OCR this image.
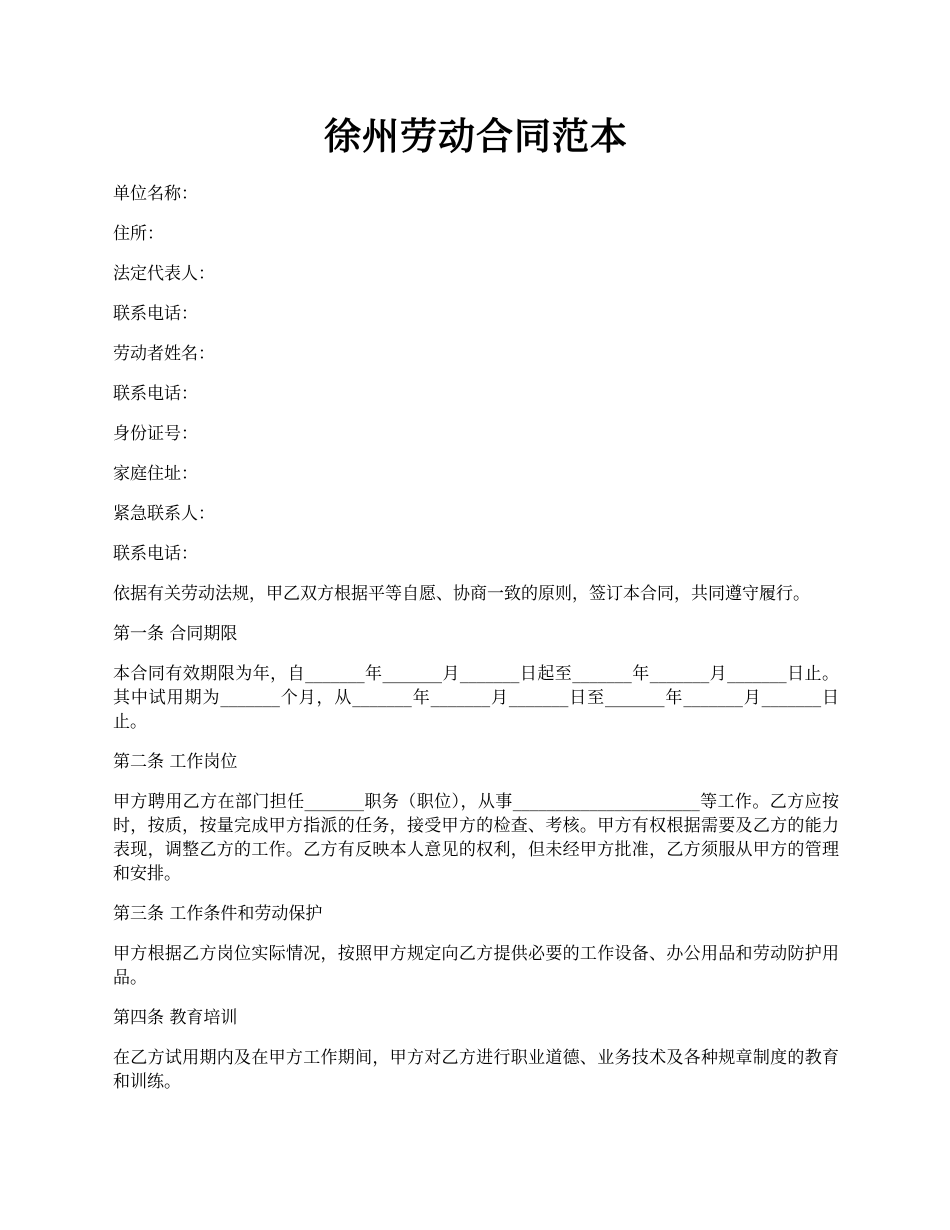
徐州劳动合同范本
单位名称：
住所：
法定代表人：
联系电话：
劳动者姓名：
联系电话：
身份证号：
家庭住址：
紧急联系人：
联系电话：

依据有关劳动法规，甲乙双方根据平等自愿、协商一致的原则，签订本合同，共同遵守履行。

第一条 合同期限

本合同有效期限为年，自_______年_______月_______日起至_______年_______月_______日止。其中试用期为_______个月，从_______年_______月_______日至_______年_______月_______日止。

第二条 工作岗位

甲方聘用乙方在部门担任_______职务（职位），从事______________________等工作。乙方应按时，按质，按量完成甲方指派的任务，接受甲方的检查、考核。甲方有权根据需要及乙方的能力表现，调整乙方的工作。乙方有反映本人意见的权利，但未经甲方批准，乙方须服从甲方的管理和安排。

第三条 工作条件和劳动保护

甲方根据乙方岗位实际情况，按照甲方规定向乙方提供必要的工作设备、办公用品和劳动防护用品。

第四条 教育培训

在乙方试用期内及在甲方工作期间，甲方对乙方进行职业道德、业务技术及各种规章制度的教育和训练。
